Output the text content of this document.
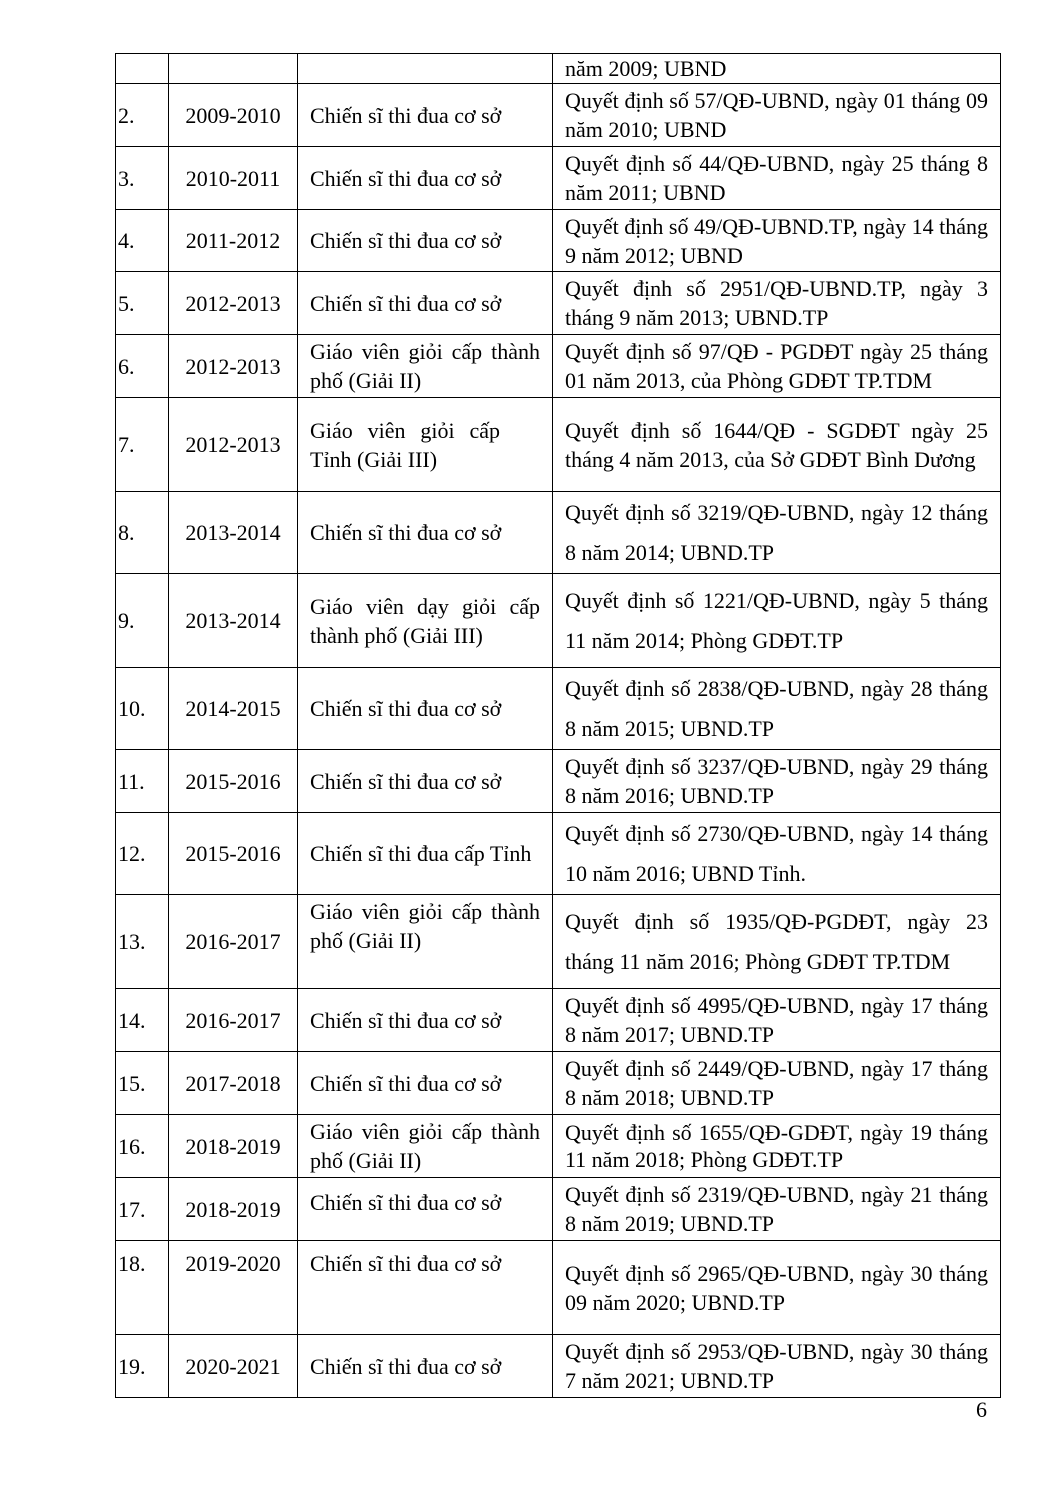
			năm 2009; UBND
2.	2009-2010	Chiến sĩ thi đua cơ sở	Quyết định số 57/QĐ-UBND, ngày 01 tháng 09 năm 2010; UBND

3.	2010-2011	Chiến sĩ thi đua cơ sở	Quyết định số 44/QĐ-UBND, ngày 25 tháng 8 năm 2011; UBND

4.	2011-2012	Chiến sĩ thi đua cơ sở	Quyết định số 49/QĐ-UBND.TP, ngày 14 tháng 9 năm 2012; UBND

5.	2012-2013	Chiến sĩ thi đua cơ sở	Quyết định số 2951/QĐ-UBND.TP, ngày 3 tháng 9 năm 2013; UBND.TP

6.	2012-2013	Giáo viên giỏi cấp thành phố (Giải II)	Quyết định số 97/QĐ - PGDĐT ngày 25 tháng 01 năm 2013, của Phòng GDĐT TP.TDM

7.	2012-2013	Giáo viên giỏi cấp Tỉnh (Giải III)	Quyết định số 1644/QĐ - SGDĐT ngày 25 tháng 4 năm 2013, của Sở GDĐT Bình Dương

8.	2013-2014	Chiến sĩ thi đua cơ sở	Quyết định số 3219/QĐ-UBND, ngày 12 tháng 8 năm 2014; UBND.TP

9.	2013-2014	Giáo viên dạy giỏi cấp thành phố (Giải III)	Quyết định số 1221/QĐ-UBND, ngày 5 tháng 11 năm 2014; Phòng GDĐT.TP

10.	2014-2015	Chiến sĩ thi đua cơ sở	Quyết định số 2838/QĐ-UBND, ngày 28 tháng 8 năm 2015; UBND.TP

11.	2015-2016	Chiến sĩ thi đua cơ sở	Quyết định số 3237/QĐ-UBND, ngày 29 tháng 8 năm 2016; UBND.TP

12.	2015-2016	Chiến sĩ thi đua cấp Tỉnh	Quyết định số 2730/QĐ-UBND, ngày 14 tháng 10 năm 2016; UBND Tỉnh.

13.	2016-2017	Giáo viên giỏi cấp thành phố (Giải II)	Quyết định số 1935/QĐ-PGDĐT, ngày 23 tháng 11 năm 2016; Phòng GDĐT TP.TDM

14.	2016-2017	Chiến sĩ thi đua cơ sở	Quyết định số 4995/QĐ-UBND, ngày 17 tháng 8 năm 2017; UBND.TP

15.	2017-2018	Chiến sĩ thi đua cơ sở	Quyết định số 2449/QĐ-UBND, ngày 17 tháng 8 năm 2018; UBND.TP

16.	2018-2019	Giáo viên giỏi cấp thành phố (Giải II)	Quyết định số 1655/QĐ-GDĐT, ngày 19 tháng 11 năm 2018; Phòng GDĐT.TP

17.	2018-2019	Chiến sĩ thi đua cơ sở	Quyết định số 2319/QĐ-UBND, ngày 21 tháng 8 năm 2019; UBND.TP

18.	2019-2020	Chiến sĩ thi đua cơ sở	Quyết định số 2965/QĐ-UBND, ngày 30 tháng 09 năm 2020; UBND.TP

19.	2020-2021	Chiến sĩ thi đua cơ sở	Quyết định số 2953/QĐ-UBND, ngày 30 tháng 7 năm 2021; UBND.TP
6
